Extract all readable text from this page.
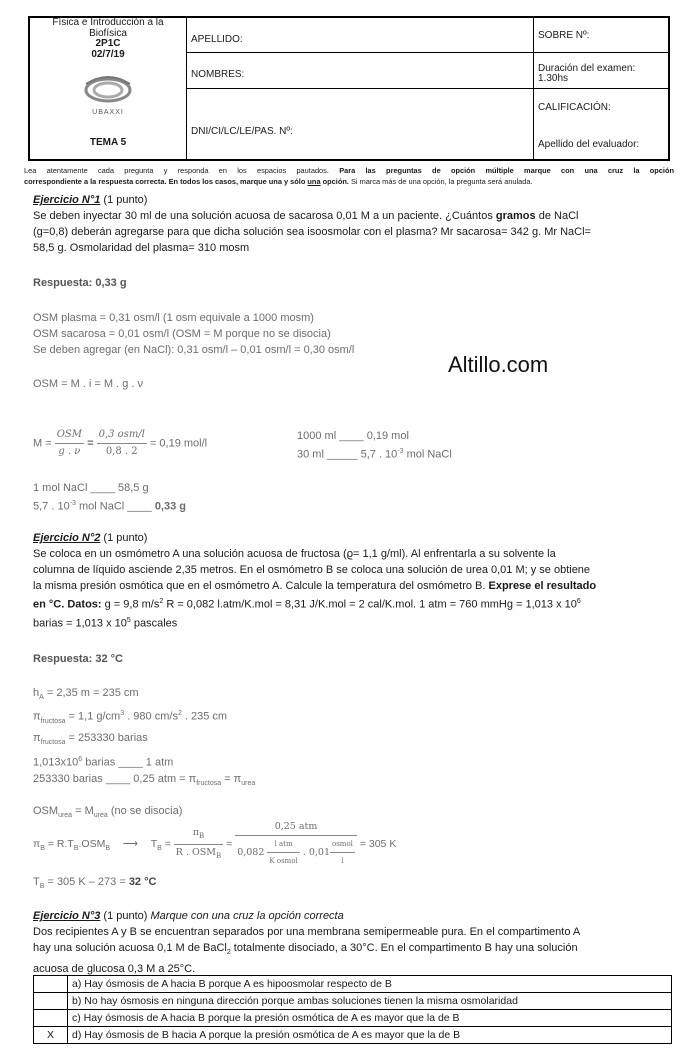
Física e Introducción a la
Biofísica
2P1C
02/7/19
UBAXXI
TEMA 5
APELLIDO:
NOMBRES:
DNI/CI/LC/LE/PAS. Nº:
SOBRE Nº:
Duración del examen:
1.30hs
CALIFICACIÓN:
Apellido del evaluador:
Lea atentamente cada pregunta y responda en los espacios pautados. Para las preguntas de opción múltiple marque con una cruz la opción
correspondiente a la respuesta correcta. En todos los casos, marque una y sólo una opción. Si marca más de una opción, la pregunta será anulada.
Altillo.com
Ejercicio N°1 (1 punto)
Se deben inyectar 30 ml de una solución acuosa de sacarosa 0,01 M a un paciente. ¿Cuántos gramos de NaCl
(g=0,8) deberán agregarse para que dicha solución sea isoosmolar con el plasma? Mr sacarosa= 342 g. Mr NaCl=
58,5 g. Osmolaridad del plasma= 310 mosm
Respuesta: 0,33 g
OSM plasma = 0,31 osm/l (1 osm equivale a 1000 mosm)
OSM sacarosa = 0,01 osm/l (OSM = M porque no se disocia)
Se deben agregar (en NaCl): 0,31 osm/l – 0,01 osm/l = 0,30 osm/l
OSM = M . i = M . g . ν
$M = \frac{\text{OSM}}{g . \nu} = \frac{\text{0,3 osm/l}}{0,8 . 2} = 0,19$ mol/l
1000 ml ____ 0,19 mol
30 ml _____ 5,7 . $10^{-3}$ mol NaCl
1 mol NaCl ____ 58,5 g
5,7 . $10^{-3}$ mol NaCl ____ 0,33 g
Ejercicio N°2 (1 punto)
Se coloca en un osmómetro A una solución acuosa de fructosa (ϱ= 1,1 g/ml). Al enfrentarla a su solvente la
columna de líquido asciende 2,35 metros. En el osmómetro B se coloca una solución de urea 0,01 M; y se obtiene
la misma presión osmótica que en el osmómetro A. Calcule la temperatura del osmómetro B. Exprese el resultado
en °C. Datos: g = 9,8 $m/s^2$ R = 0,082 l.atm/K.mol = 8,31 J/K.mol = 2 cal/K.mol. 1 atm = 760 mmHg = 1,013 x $10^6$
barias = 1,013 x $10^5$ pascales
Respuesta: 32 °C
$h_A = 2,35$ m = 235 cm
$\pi_{fructosa} = 1,1$ $g/cm^3$ . 980 $cm/s^2$ . 235 cm
$\pi_{fructosa} = 253330$ barias
$1,013x10^6$ barias ____ 1 atm
253330 barias ____ 0,25 atm = $\pi_{fructosa} = \pi_{urea}$
$OSM_{urea} = M_{urea}$ (no se disocia)
$\pi_B = R.T_B.OSM_B$ ⟶ $T_B = \frac{\pi_B}{R . OSM_B} = \frac{\text{0,25 atm}}{0,082 \frac{\text{l atm}}{\text{K osmol}} . 0,01 \frac{\text{osmol}}{l}} = 305$ K
$T_B = 305$ K – 273 = 32 °C
Ejercicio N°3 (1 punto) Marque con una cruz la opción correcta
Dos recipientes A y B se encuentran separados por una membrana semipermeable pura. En el compartimento A
hay una solución acuosa 0,1 M de BaCl$_2$ totalmente disociado, a 30°C. En el compartimento B hay una solución
acuosa de glucosa 0,3 M a 25°C.
	a) Hay ósmosis de A hacia B porque A es hipoosmolar respecto de B
	b) No hay ósmosis en ninguna dirección porque ambas soluciones tienen la misma osmolaridad
	c) Hay ósmosis de A hacia B porque la presión osmótica de A es mayor que la de B
X	d) Hay ósmosis de B hacia A porque la presión osmótica de A es mayor que la de B
